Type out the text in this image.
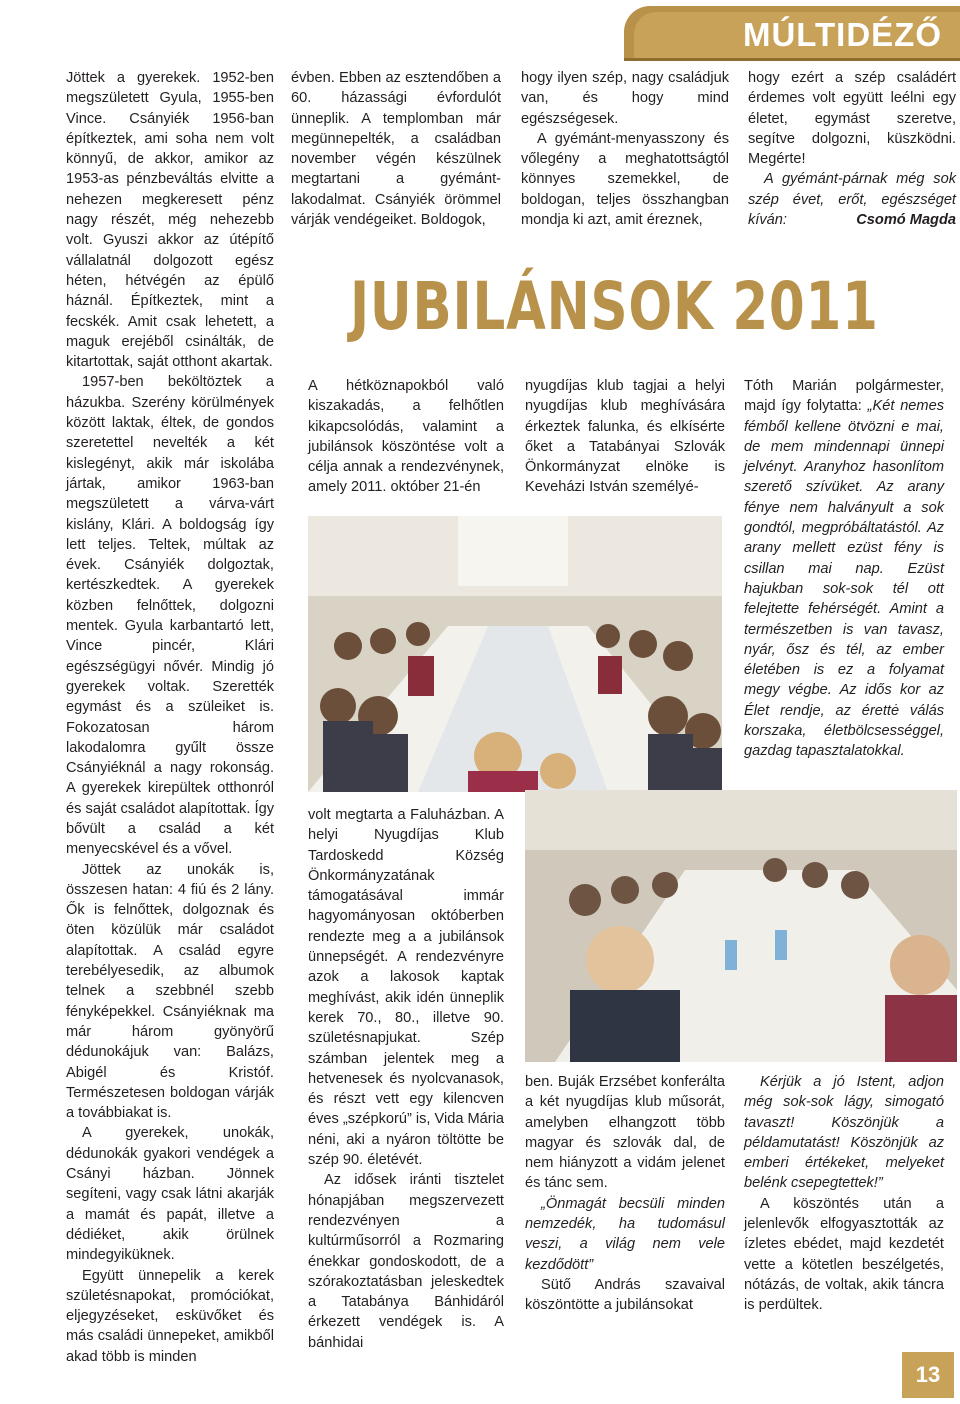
MÚLTIDÉZŐ

Jöttek a gyerekek. 1952-ben megszületett Gyula, 1955-ben Vince. Csányiék 1956-ban építkeztek, ami soha nem volt könnyű, de akkor, amikor az 1953-as pénzbeváltás elvitte a nehezen megkeresett pénz nagy részét, még nehezebb volt. Gyuszi akkor az útépítő vállalatnál dolgozott egész héten, hétvégén az épülő háznál. Építkeztek, mint a fecskék. Amit csak lehetett, a maguk erejéből csinálták, de kitartottak, saját otthont akartak.

1957-ben beköltöztek a házukba. Szerény körülmények között laktak, éltek, de gondos szeretettel nevelték a két kislegényt, akik már iskolába jártak, amikor 1963-ban megszületett a várva-várt kislány, Klári. A boldogság így lett teljes. Teltek, múltak az évek. Csányiék dolgoztak, kertészkedtek. A gyerekek közben felnőttek, dolgozni mentek. Gyula karbantartó lett, Vince pincér, Klári egészségügyi nővér. Mindig jó gyerekek voltak. Szerették egymást és a szüleiket is. Fokozatosan három lakodalomra gyűlt össze Csányiéknál a nagy rokonság. A gyerekek kirepültek otthonról és saját családot alapítottak. Így bővült a család a két menyecskével és a vővel.

Jöttek az unokák is, összesen hatan: 4 fiú és 2 lány. Ők is felnőttek, dolgoznak és öten közülük már családot alapítottak. A család egyre terebélyesedik, az albumok telnek a szebbnél szebb fényképekkel. Csányiéknak ma már három gyönyörű dédunokájuk van: Balázs, Abigél és Kristóf. Természetesen boldogan várják a továbbiakat is.

A gyerekek, unokák, dédunokák gyakori vendégek a Csányi házban. Jönnek segíteni, vagy csak látni akarják a mamát és papát, illetve a dédiéket, akik örülnek mindegyiküknek.

Együtt ünnepelik a kerek születésnapokat, promóciókat, eljegyzéseket, esküvőket és más családi ünnepeket, amikből akad több is minden

évben. Ebben az esztendőben a 60. házassági évfordulót ünneplik. A templomban már megünnepelték, a családban november végén készülnek megtartani a gyémánt-lakodalmat. Csányiék örömmel várják vendégeiket. Boldogok,

hogy ilyen szép, nagy családjuk van, és hogy mind egészségesek.

A gyémánt-menyasszony és vőlegény a meghatottságtól könnyes szemekkel, de boldogan, teljes összhangban mondja ki azt, amit éreznek,

hogy ezért a szép családért érdemes volt együtt leélni egy életet, egymást szeretve, segítve dolgozni, küszködni. Megérte!

A gyémánt-párnak még sok szép évet, erőt, egészséget kíván:	Csomó Magda

JUBILÁNSOK 2011

A hétköznapokból való kiszakadás, a felhőtlen kikapcsolódás, valamint a jubilánsok köszöntése volt a célja annak a rendezvénynek, amely 2011. október 21-én

nyugdíjas klub tagjai a helyi nyugdíjas klub meghívására érkeztek falunka, és elkísérte őket a Tatabányai Szlovák Önkormányzat elnöke is Keveházi István személyé-

Tóth Marián polgármester, majd így folytatta: „Két nemes fémből kellene ötvözni e mai, de mem mindennapi ünnepi jelvényt. Aranyhoz hasonlítom szerető szívüket. Az arany fénye nem halványult a sok gondtól, megpróbáltatástól. Az arany mellett ezüst fény is csillan mai nap. Ezüst hajukban sok-sok tél ott felejtette fehérségét. Amint a természetben is van tavasz, nyár, ősz és tél, az ember életében is ez a folyamat megy végbe. Az idős kor az Élet rendje, az érettė válás korszaka, életbölcsességgel, gazdag tapasztalatokkal.

volt megtarta a Faluházban. A helyi Nyugdíjas Klub Tardoskedd Község Önkormányzatának támogatásával immár hagyományosan októberben rendezte meg a a jubilánsok ünnepségét. A rendezvényre azok a lakosok kaptak meghívást, akik idén ünneplik kerek 70., 80., illetve 90. születésnapjukat. Szép számban jelentek meg a hetvenesek és nyolcvanasok, és részt vett egy kilencven éves „szépkorú” is, Vida Mária néni, aki a nyáron töltötte be szép 90. életévét.

Az idősek iránti tisztelet hónapjában megszervezett rendezvényen a kultúrműsorról a Rozmaring énekkar gondoskodott, de a szórakoztatásban jeleskedtek a Tatabánya Bánhidáról érkezett vendégek is. A bánhidai

ben. Buják Erzsébet konferálta a két nyugdíjas klub műsorát, amelyben elhangzott több magyar és szlovák dal, de nem hiányzott a vidám jelenet és tánc sem.

„Önmagát becsüli minden nemzedék, ha tudomásul veszi, a világ nem vele kezdődött”

Sütő András szavaival köszöntötte a jubilánsokat

Kérjük a jó Istent, adjon még sok-sok lágy, simogató tavaszt! Köszönjük a példamutatást! Köszönjük az emberi értékeket, melyeket belénk csepegtettek!”

A köszöntés után a jelenlevők elfogyasztották az ízletes ebédet, majd kezdetét vette a kötetlen beszélgetés, nótázás, de voltak, akik táncra is perdültek.

13
